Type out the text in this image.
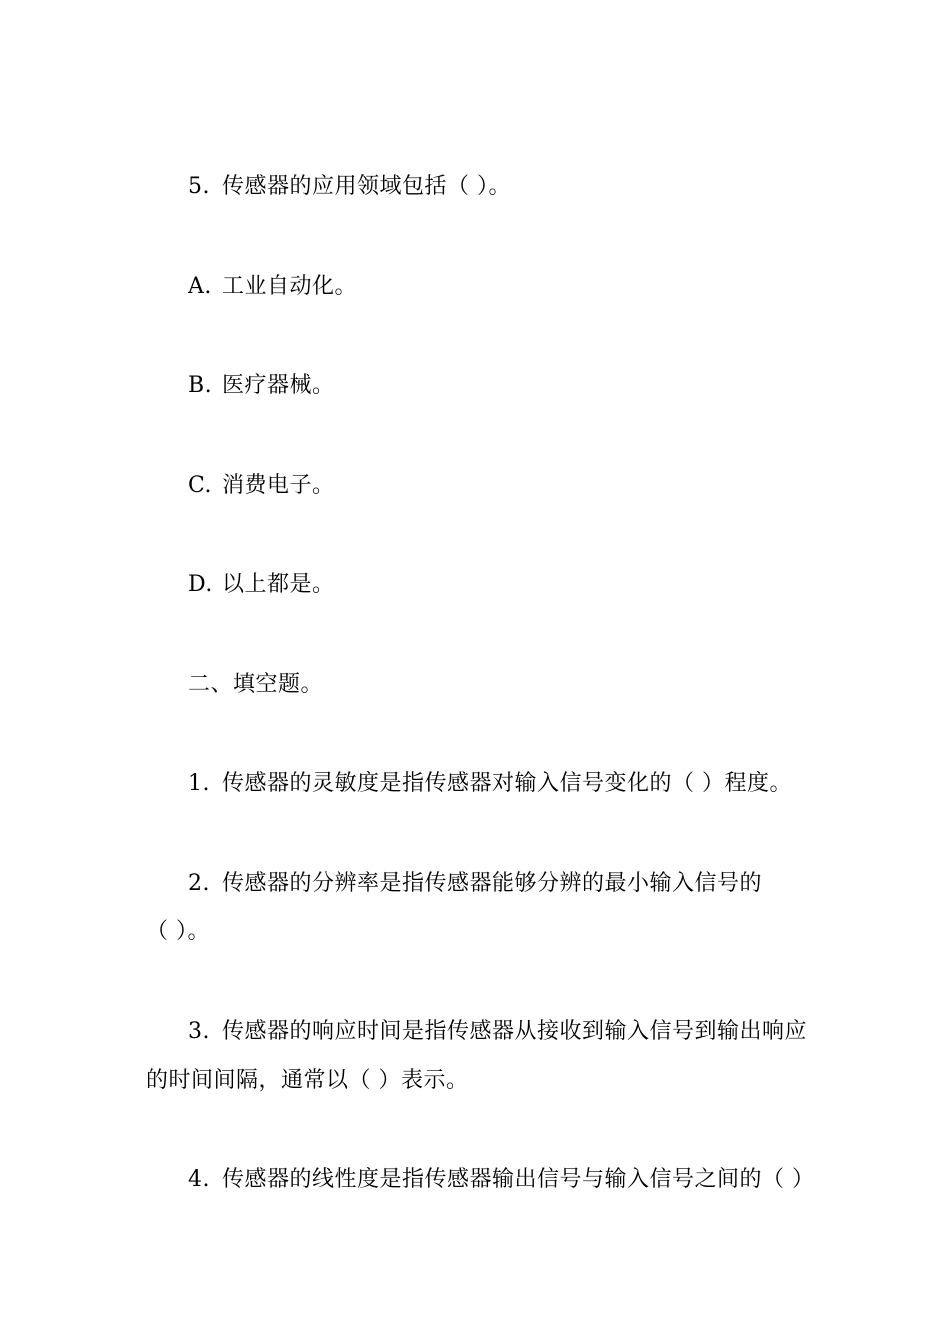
5. 传感器的应用领域包括（ ）。
A. 工业自动化。
B. 医疗器械。
C. 消费电子。
D. 以上都是。
二、填空题。
1. 传感器的灵敏度是指传感器对输入信号变化的（ ）程度。
2. 传感器的分辨率是指传感器能够分辨的最小输入信号的
（ ）。
3. 传感器的响应时间是指传感器从接收到输入信号到输出响应
的时间间隔，通常以（ ）表示。
4. 传感器的线性度是指传感器输出信号与输入信号之间的（ ）
